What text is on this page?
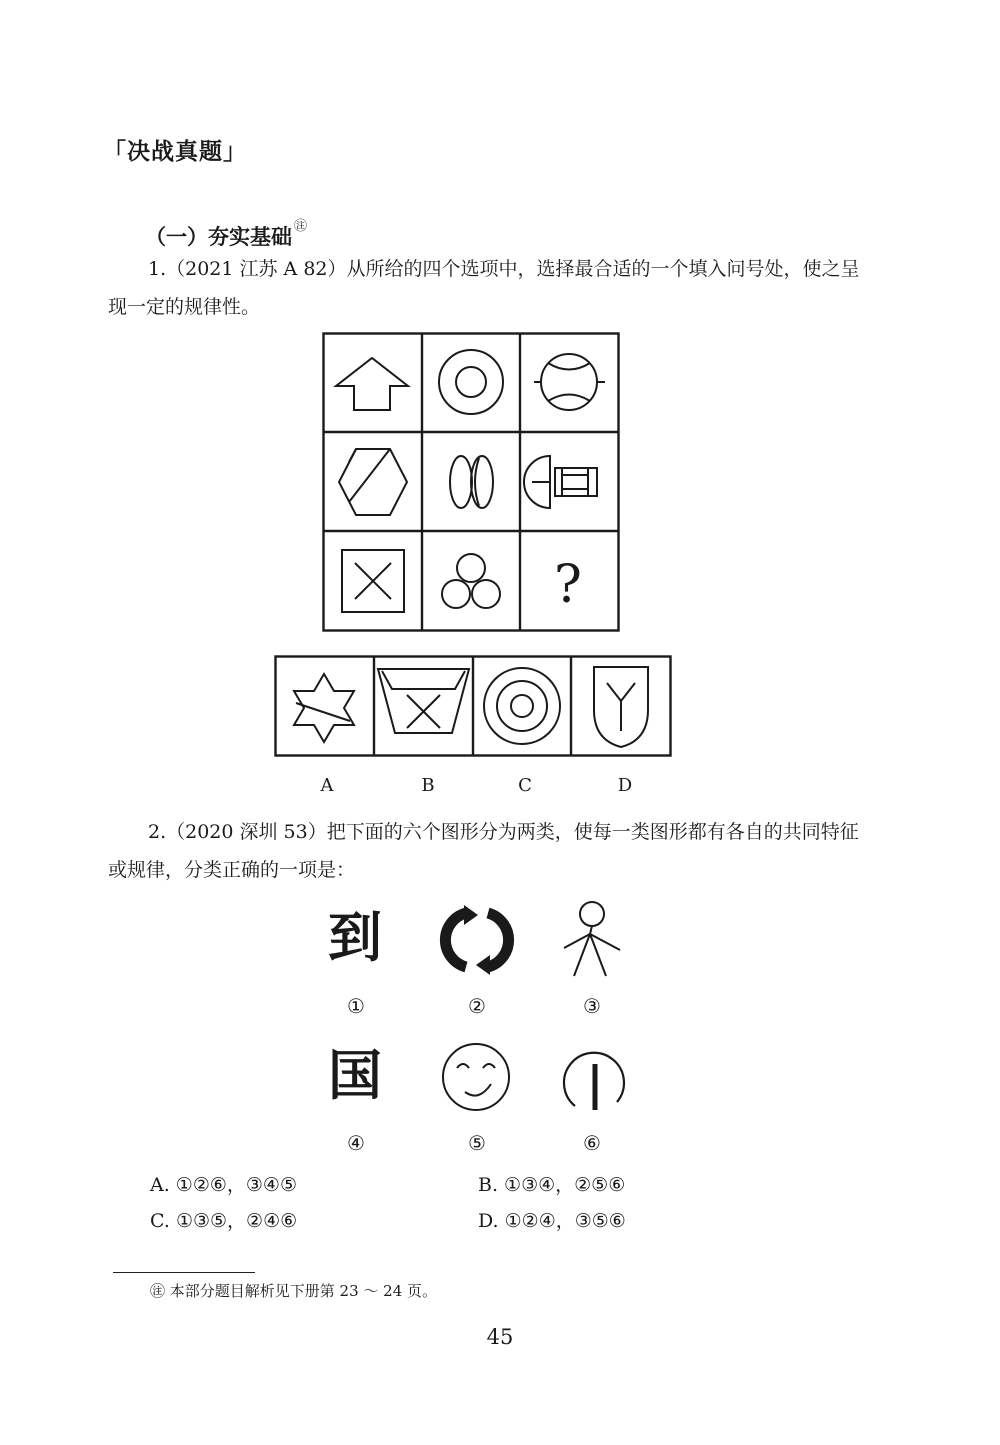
「决战真题」
（一）夯实基础 ㊟
1.（2021 江苏 A 82）从所给的四个选项中，选择最合适的一个填入问号处，使之呈现一定的规律性。
?
A	B	C	D
2.（2020 深圳 53）把下面的六个图形分为两类，使每一类图形都有各自的共同特征或规律，分类正确的一项是：
到
①	②	③
国
④	⑤	⑥
A. ①②⑥，③④⑤	B. ①③④，②⑤⑥
C. ①③⑤，②④⑥	D. ①②④，③⑤⑥
㊟ 本部分题目解析见下册第 23 ～ 24 页。
45
